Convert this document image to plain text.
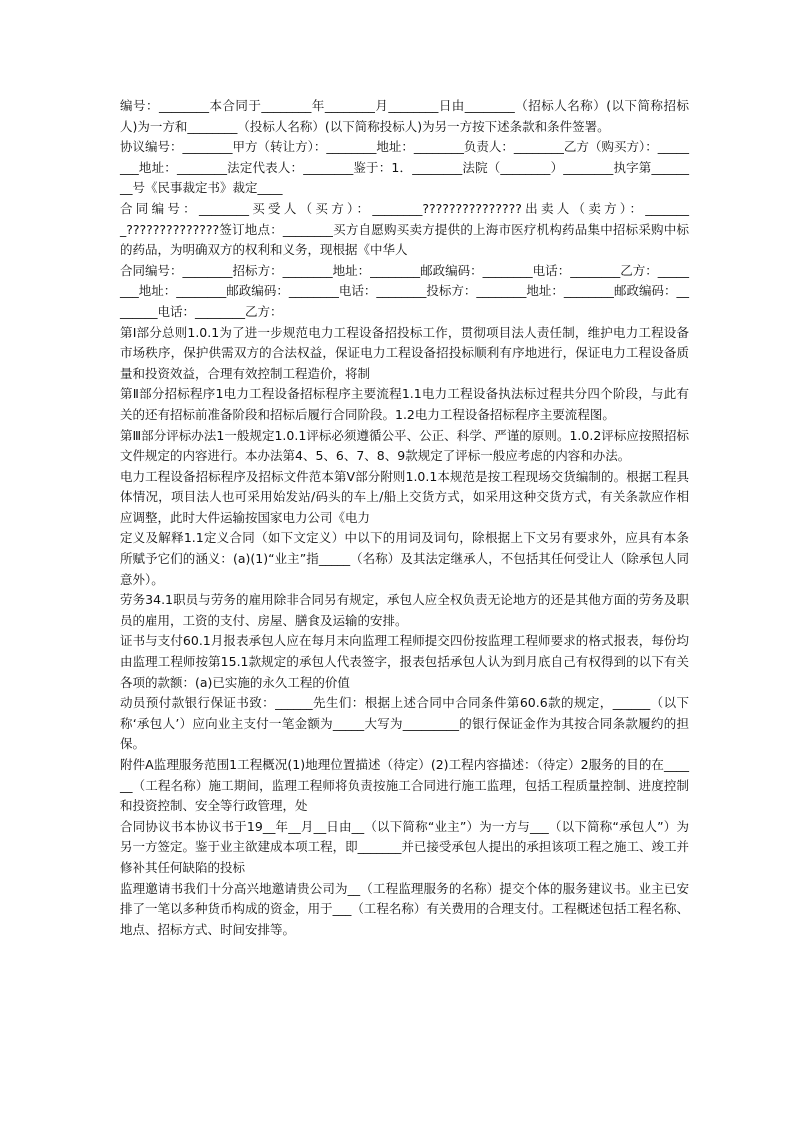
编号：________本合同于________年________月________日由________（招标人名称）(以下简称招标人)为一方和________（投标人名称）(以下简称投标人)为另一方按下述条款和条件签署。

协议编号：________甲方（转让方）：________地址：________负责人：________乙方（购买方）：________地址：________法定代表人：________鉴于：1．________法院（________）________执字第________号《民事裁定书》裁定____

合同编号：________买受人（买方）：________???????????????出卖人（卖方）：________??????????????签订地点：________买方自愿购买卖方提供的上海市医疗机构药品集中招标采购中标的药品，为明确双方的权利和义务，现根据《中华人

合同编号：________招标方：________地址：________邮政编码：________电话：________乙方：________地址：________邮政编码：________电话：________投标方：________地址：________邮政编码：________电话：________乙方：

第Ⅰ部分总则1.0.1为了进一步规范电力工程设备招投标工作，贯彻项目法人责任制，维护电力工程设备市场秩序，保护供需双方的合法权益，保证电力工程设备招投标顺利有序地进行，保证电力工程设备质量和投资效益，合理有效控制工程造价，将制

第Ⅱ部分招标程序1电力工程设备招标程序主要流程1.1电力工程设备执法标过程共分四个阶段，与此有关的还有招标前准备阶段和招标后履行合同阶段。1.2电力工程设备招标程序主要流程图。

第Ⅲ部分评标办法1一般规定1.0.1评标必须遵循公平、公正、科学、严谨的原则。1.0.2评标应按照招标文件规定的内容进行。本办法第4、5、6、7、8、9款规定了评标一般应考虑的内容和办法。

电力工程设备招标程序及招标文件范本第Ⅴ部分附则1.0.1本规范是按工程现场交货编制的。根据工程具体情况，项目法人也可采用始发站/码头的车上/船上交货方式，如采用这种交货方式，有关条款应作相应调整，此时大件运输按国家电力公司《电力

定义及解释1.1定义合同（如下文定义）中以下的用词及词句，除根据上下文另有要求外，应具有本条所赋予它们的涵义：(a)(1)“业主”指_____（名称）及其法定继承人，不包括其任何受让人（除承包人同意外）。

劳务34.1职员与劳务的雇用除非合同另有规定，承包人应全权负责无论地方的还是其他方面的劳务及职员的雇用，工资的支付、房屋、膳食及运输的安排。

证书与支付60.1月报表承包人应在每月末向监理工程师提交四份按监理工程师要求的格式报表，每份均由监理工程师按第15.1款规定的承包人代表签字，报表包括承包人认为到月底自己有权得到的以下有关各项的款额：(a)已实施的永久工程的价值

动员预付款银行保证书致：______先生们：根据上述合同中合同条件第60.6款的规定，______（以下称‘承包人’）应向业主支付一笔金额为_____大写为_________的银行保证金作为其按合同条款履约的担保。

附件A监理服务范围1工程概况(1)地理位置描述（待定）(2)工程内容描述：（待定）2服务的目的在______（工程名称）施工期间，监理工程师将负责按施工合同进行施工监理，包括工程质量控制、进度控制和投资控制、安全等行政管理，处

合同协议书本协议书于19__年__月__日由__（以下简称“业主”）为一方与___（以下简称“承包人”）为另一方签定。鉴于业主欲建成本项工程，即_______并已接受承包人提出的承担该项工程之施工、竣工并修补其任何缺陷的投标

监理邀请书我们十分高兴地邀请贵公司为__（工程监理服务的名称）提交个体的服务建议书。业主已安排了一笔以多种货币构成的资金，用于___（工程名称）有关费用的合理支付。工程概述包括工程名称、地点、招标方式、时间安排等。
